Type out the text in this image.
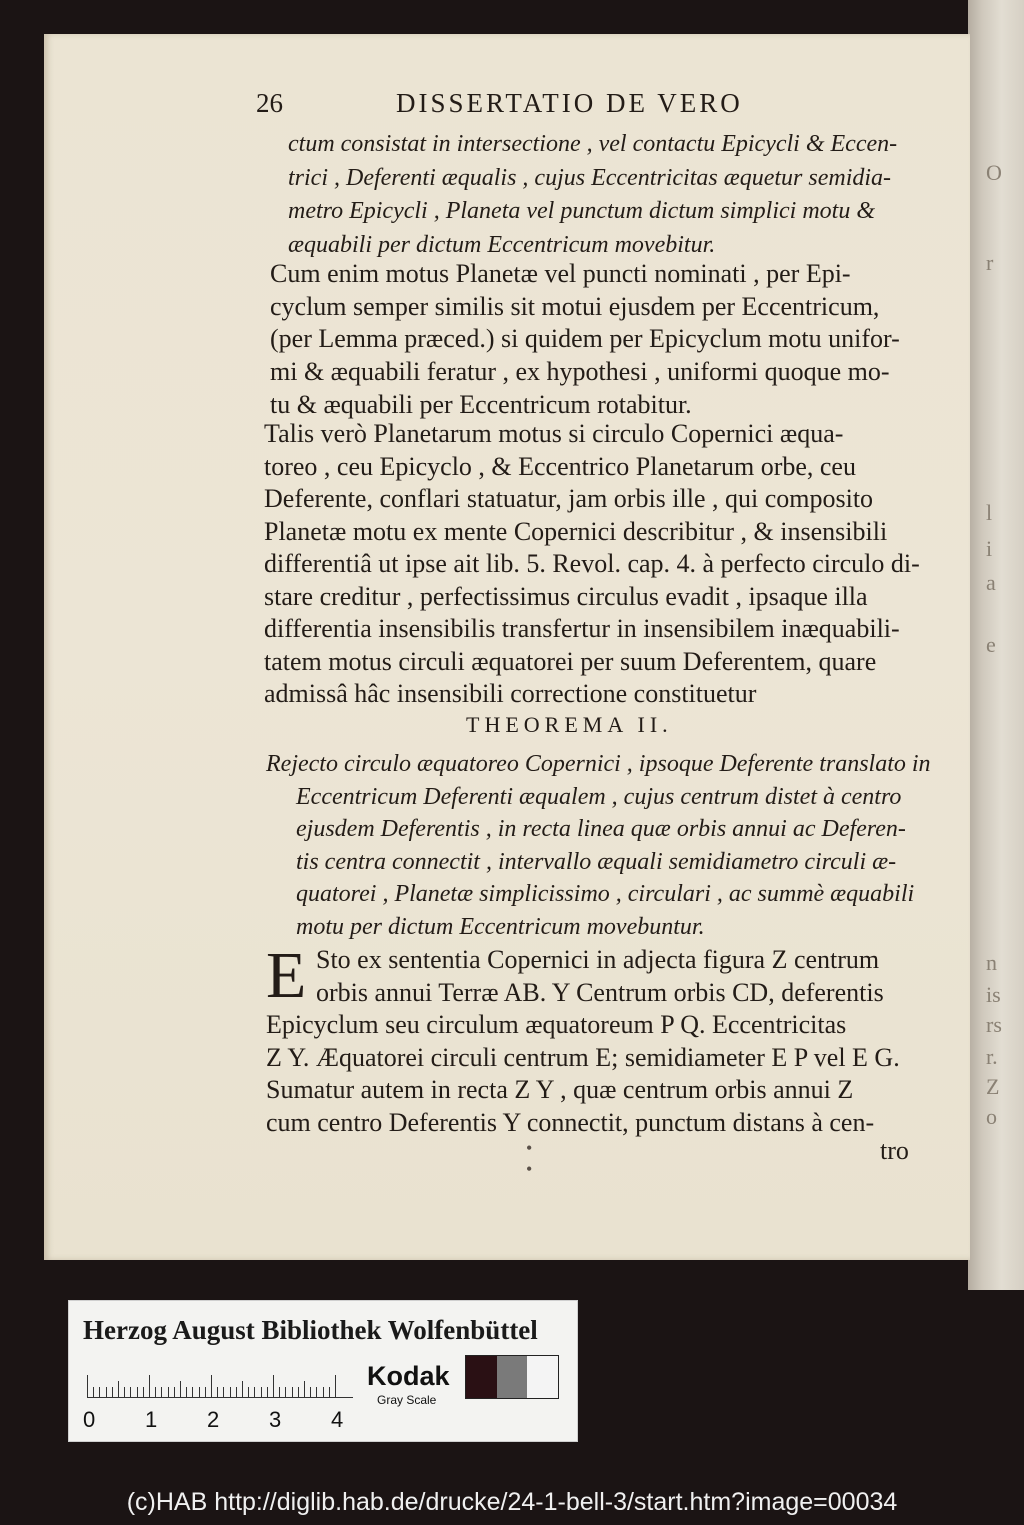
O
r
l
i
a
e
n
is
rs
r.
Z
o
26	DISSERTATIO DE VERO
ctum consistat in intersectione , vel contactu Epicycli & Eccen-
trici , Deferenti æqualis , cujus Eccentricitas æquetur semidia-
metro Epicycli , Planeta vel punctum dictum simplici motu &
æquabili per dictum Eccentricum movebitur.
Cum enim motus Planetæ vel puncti nominati , per Epi-
cyclum semper similis sit motui ejusdem per Eccentricum,
(per Lemma præced.) si quidem per Epicyclum motu unifor-
mi & æquabili feratur , ex hypothesi , uniformi quoque mo-
tu & æquabili per Eccentricum rotabitur.
Talis verò Planetarum motus si circulo Copernici æqua-
toreo , ceu Epicyclo , & Eccentrico Planetarum orbe, ceu
Deferente, conflari statuatur, jam orbis ille , qui composito
Planetæ motu ex mente Copernici describitur , & insensibili
differentiâ ut ipse ait lib. 5. Revol. cap. 4. à perfecto circulo di-
stare creditur , perfectissimus circulus evadit , ipsaque illa
differentia insensibilis transfertur in insensibilem inæquabili-
tatem motus circuli æquatorei per suum Deferentem, quare
admissâ hâc insensibili correctione constituetur
THEOREMA II.
Rejecto circulo æquatoreo Copernici , ipsoque Deferente translato in
Eccentricum Deferenti æqualem , cujus centrum distet à centro
ejusdem Deferentis , in recta linea quæ orbis annui ac Deferen-
tis centra connectit , intervallo æquali semidiametro circuli æ-
quatorei , Planetæ simplicissimo , circulari , ac summè æquabili
motu per dictum Eccentricum movebuntur.
E Sto ex sententia Copernici in adjecta figura Z centrum
orbis annui Terræ AB. Y Centrum orbis CD, deferentis
Epicyclum seu circulum æquatoreum P Q. Eccentricitas
Z Y. Æquatorei circuli centrum E; semidiameter E P vel E G.
Sumatur autem in recta Z Y , quæ centrum orbis annui Z
cum centro Deferentis Y connectit, punctum distans à cen-
• •
tro
Herzog August Bibliothek Wolfenbüttel
0 1 2 3 4
Kodak
Gray Scale
(c)HAB http://diglib.hab.de/drucke/24-1-bell-3/start.htm?image=00034
